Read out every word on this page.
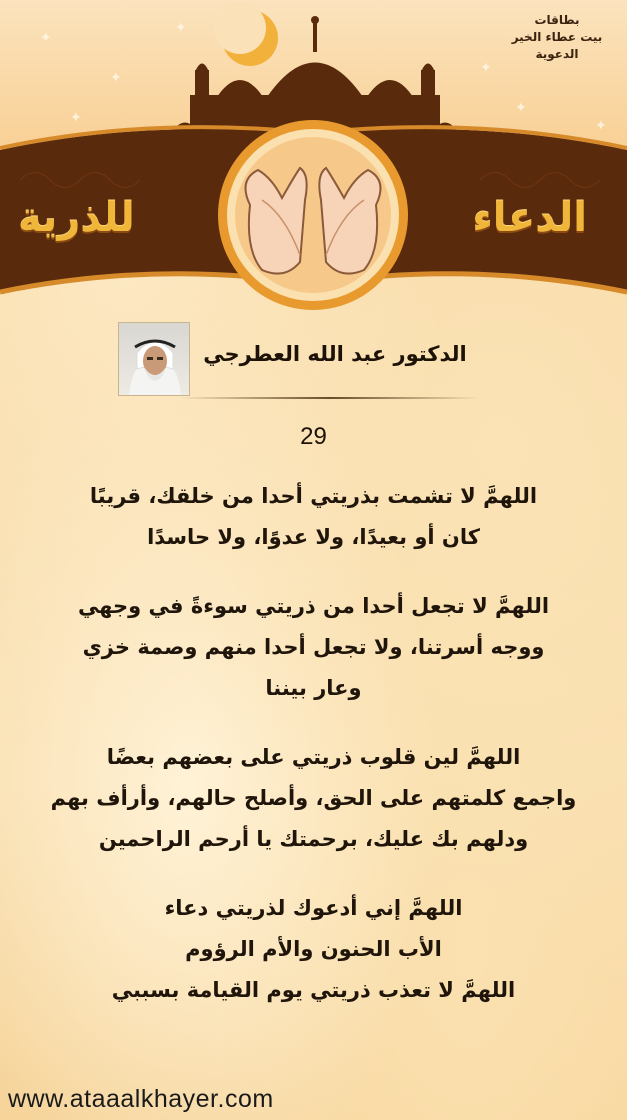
✦
✦
✦
✦
✦
✦
✦
بطاقات
بيت عطاء الخير
الدعوية
الدعاء
للذرية
الدكتور عبد الله العطرجي
29
اللهمَّ لا تشمت بذريتي أحدا من خلقك، قريبًا
كان أو بعيدًا، ولا عدوًا، ولا حاسدًا
اللهمَّ لا تجعل أحدا من ذريتي سوءةً في وجهي
ووجه أسرتنا، ولا تجعل أحدا منهم وصمة خزي
وعار بيننا
اللهمَّ لين قلوب ذريتي على بعضهم بعضًا
واجمع كلمتهم على الحق، وأصلح حالهم، وأرأف بهم
ودلهم بك عليك، برحمتك يا أرحم الراحمين
اللهمَّ إني أدعوك لذريتي دعاء
الأب الحنون والأم الرؤوم
اللهمَّ لا تعذب ذريتي يوم القيامة بسببي
www.ataaalkhayer.com
